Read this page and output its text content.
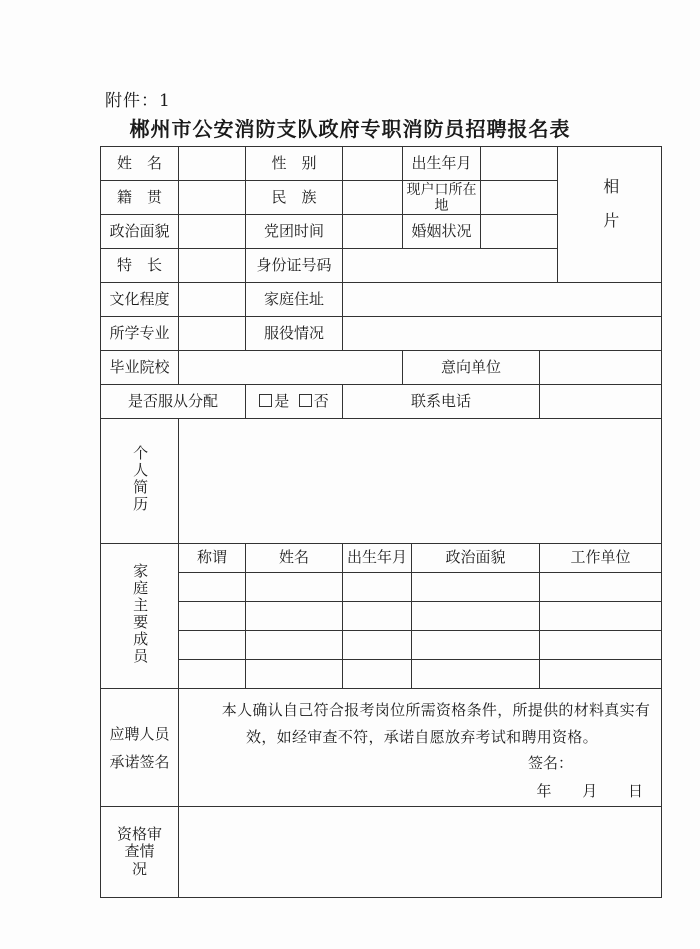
附件：1
郴州市公安消防支队政府专职消防员招聘报名表
姓　名		性　别		出生年月				相片
籍　贯		民　族		现户口所在　地				
政治面貌		党团时间		婚姻状况				
特　长		身份证号码						
文化程度		家庭住址						
所学专业		服役情况						
毕业院校				意向单位				
是否服从分配		是 否	联系电话					
个人简历								
家庭主要成员	称谓	姓名	出生年月		政治面貌		工作单位	

应聘人员承诺签名	本人确认自己符合报考岗位所需资格条件，所提供的材料真实有效，如经审查不符，承诺自愿放弃考试和聘用资格。
签名：
年 月 日							

资格审查情　况								
